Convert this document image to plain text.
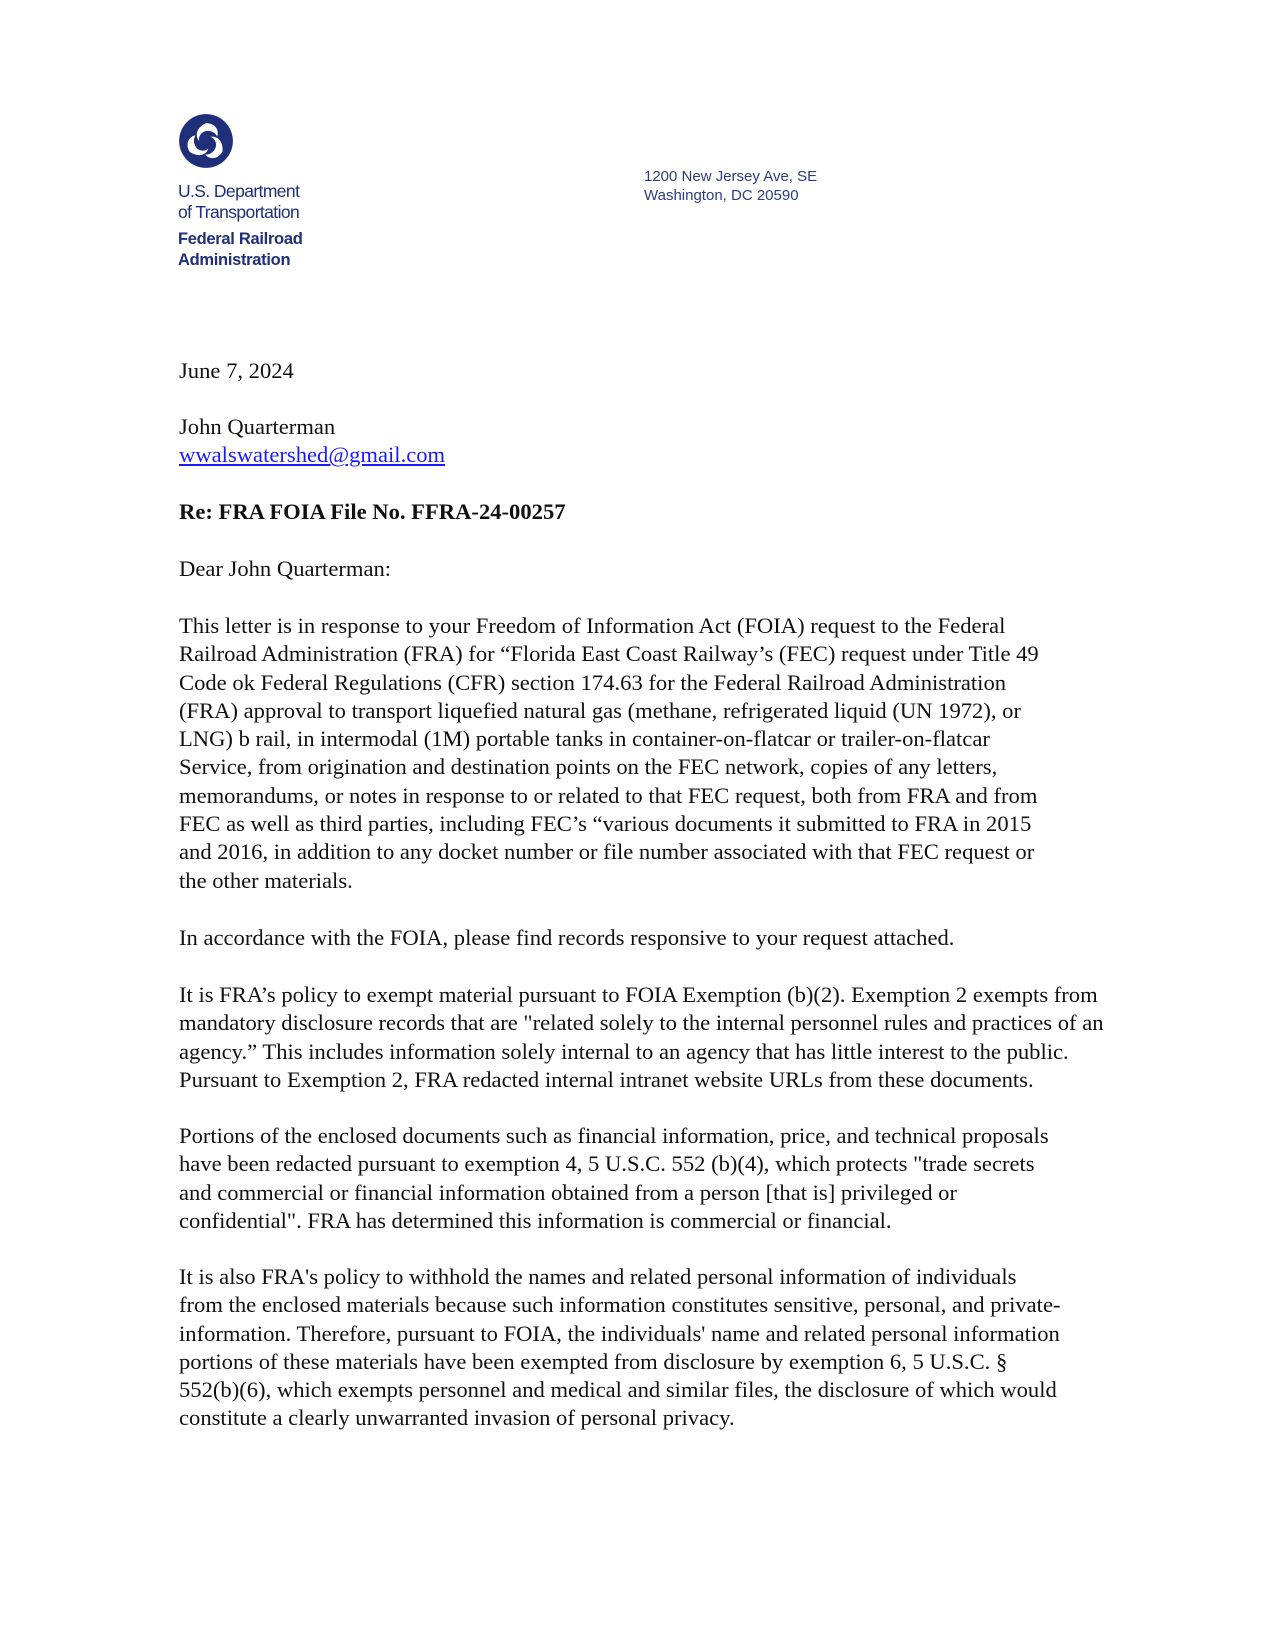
U.S. Department
of Transportation
Federal Railroad
Administration
1200 New Jersey Ave, SE
Washington, DC 20590
June 7, 2024
John Quarterman
wwalswatershed@gmail.com
Re: FRA FOIA File No. FFRA-24-00257
Dear John Quarterman:
This letter is in response to your Freedom of Information Act (FOIA) request to the Federal
Railroad Administration (FRA) for “Florida East Coast Railway’s (FEC) request under Title 49
Code ok Federal Regulations (CFR) section 174.63 for the Federal Railroad Administration
(FRA) approval to transport liquefied natural gas (methane, refrigerated liquid (UN 1972), or
LNG) b rail, in intermodal (1M) portable tanks in container-on-flatcar or trailer-on-flatcar
Service, from origination and destination points on the FEC network, copies of any letters,
memorandums, or notes in response to or related to that FEC request, both from FRA and from
FEC as well as third parties, including FEC’s “various documents it submitted to FRA in 2015
and 2016, in addition to any docket number or file number associated with that FEC request or
the other materials.
In accordance with the FOIA, please find records responsive to your request attached.
It is FRA’s policy to exempt material pursuant to FOIA Exemption (b)(2). Exemption 2 exempts from
mandatory disclosure records that are "related solely to the internal personnel rules and practices of an
agency.” This includes information solely internal to an agency that has little interest to the public.
Pursuant to Exemption 2, FRA redacted internal intranet website URLs from these documents.
Portions of the enclosed documents such as financial information, price, and technical proposals
have been redacted pursuant to exemption 4, 5 U.S.C. 552 (b)(4), which protects "trade secrets
and commercial or financial information obtained from a person [that is] privileged or
confidential". FRA has determined this information is commercial or financial.
It is also FRA's policy to withhold the names and related personal information of individuals
from the enclosed materials because such information constitutes sensitive, personal, and private-
information. Therefore, pursuant to FOIA, the individuals' name and related personal information
portions of these materials have been exempted from disclosure by exemption 6, 5 U.S.C. §
552(b)(6), which exempts personnel and medical and similar files, the disclosure of which would
constitute a clearly unwarranted invasion of personal privacy.
